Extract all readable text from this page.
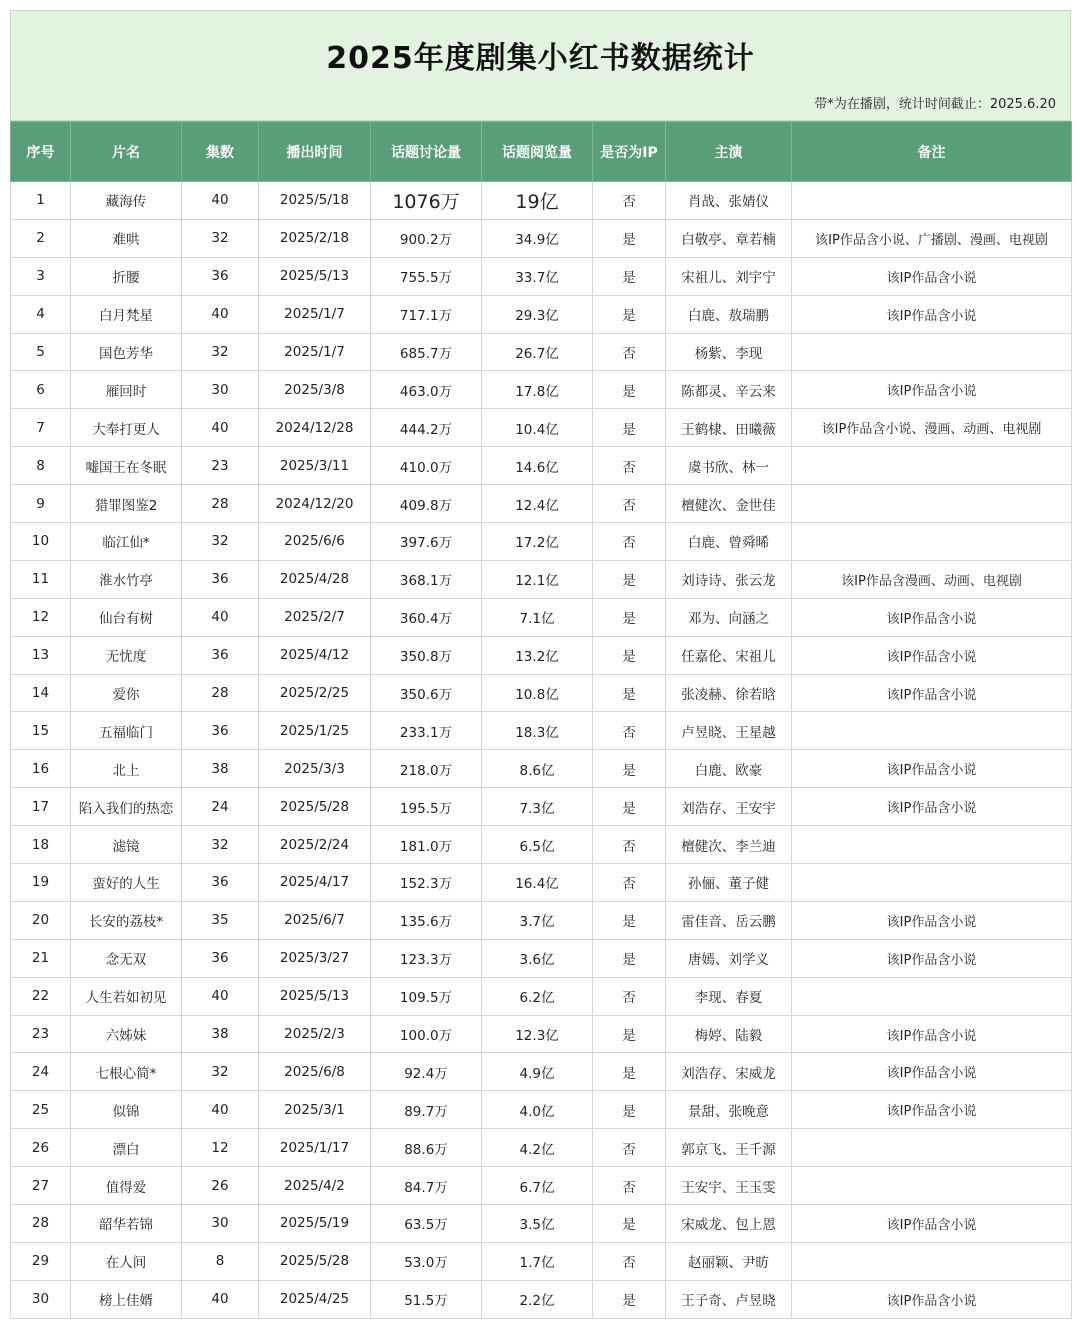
2025年度剧集小红书数据统计
带*为在播剧，统计时间截止：2025.6.20
序号	片名	集数	播出时间	话题讨论量	话题阅览量	是否为IP	主演	备注
1	藏海传	40	2025/5/18	1076万	19亿	否	肖战、张婧仪	
2	难哄	32	2025/2/18	900.2万	34.9亿	是	白敬亭、章若楠	该IP作品含小说、广播剧、漫画、电视剧
3	折腰	36	2025/5/13	755.5万	33.7亿	是	宋祖儿、刘宇宁	该IP作品含小说
4	白月梵星	40	2025/1/7	717.1万	29.3亿	是	白鹿、敖瑞鹏	该IP作品含小说
5	国色芳华	32	2025/1/7	685.7万	26.7亿	否	杨紫、李现	
6	雁回时	30	2025/3/8	463.0万	17.8亿	是	陈都灵、辛云来	该IP作品含小说
7	大奉打更人	40	2024/12/28	444.2万	10.4亿	是	王鹤棣、田曦薇	该IP作品含小说、漫画、动画、电视剧
8	嘘国王在冬眠	23	2025/3/11	410.0万	14.6亿	否	虞书欣、林一	
9	猎罪图鉴2	28	2024/12/20	409.8万	12.4亿	否	檀健次、金世佳	
10	临江仙*	32	2025/6/6	397.6万	17.2亿	否	白鹿、曾舜晞	
11	淮水竹亭	36	2025/4/28	368.1万	12.1亿	是	刘诗诗、张云龙	该IP作品含漫画、动画、电视剧
12	仙台有树	40	2025/2/7	360.4万	7.1亿	是	邓为、向涵之	该IP作品含小说
13	无忧度	36	2025/4/12	350.8万	13.2亿	是	任嘉伦、宋祖儿	该IP作品含小说
14	爱你	28	2025/2/25	350.6万	10.8亿	是	张凌赫、徐若晗	该IP作品含小说
15	五福临门	36	2025/1/25	233.1万	18.3亿	否	卢昱晓、王星越	
16	北上	38	2025/3/3	218.0万	8.6亿	是	白鹿、欧豪	该IP作品含小说
17	陷入我们的热恋	24	2025/5/28	195.5万	7.3亿	是	刘浩存、王安宇	该IP作品含小说
18	滤镜	32	2025/2/24	181.0万	6.5亿	否	檀健次、李兰迪	
19	蛮好的人生	36	2025/4/17	152.3万	16.4亿	否	孙俪、董子健	
20	长安的荔枝*	35	2025/6/7	135.6万	3.7亿	是	雷佳音、岳云鹏	该IP作品含小说
21	念无双	36	2025/3/27	123.3万	3.6亿	是	唐嫣、刘学义	该IP作品含小说
22	人生若如初见	40	2025/5/13	109.5万	6.2亿	否	李现、春夏	
23	六姊妹	38	2025/2/3	100.0万	12.3亿	是	梅婷、陆毅	该IP作品含小说
24	七根心简*	32	2025/6/8	92.4万	4.9亿	是	刘浩存、宋威龙	该IP作品含小说
25	似锦	40	2025/3/1	89.7万	4.0亿	是	景甜、张晚意	该IP作品含小说
26	漂白	12	2025/1/17	88.6万	4.2亿	否	郭京飞、王千源	
27	值得爱	26	2025/4/2	84.7万	6.7亿	否	王安宇、王玉雯	
28	韶华若锦	30	2025/5/19	63.5万	3.5亿	是	宋威龙、包上恩	该IP作品含小说
29	在人间	8	2025/5/28	53.0万	1.7亿	否	赵丽颖、尹昉	
30	榜上佳婿	40	2025/4/25	51.5万	2.2亿	是	王子奇、卢昱晓	该IP作品含小说
